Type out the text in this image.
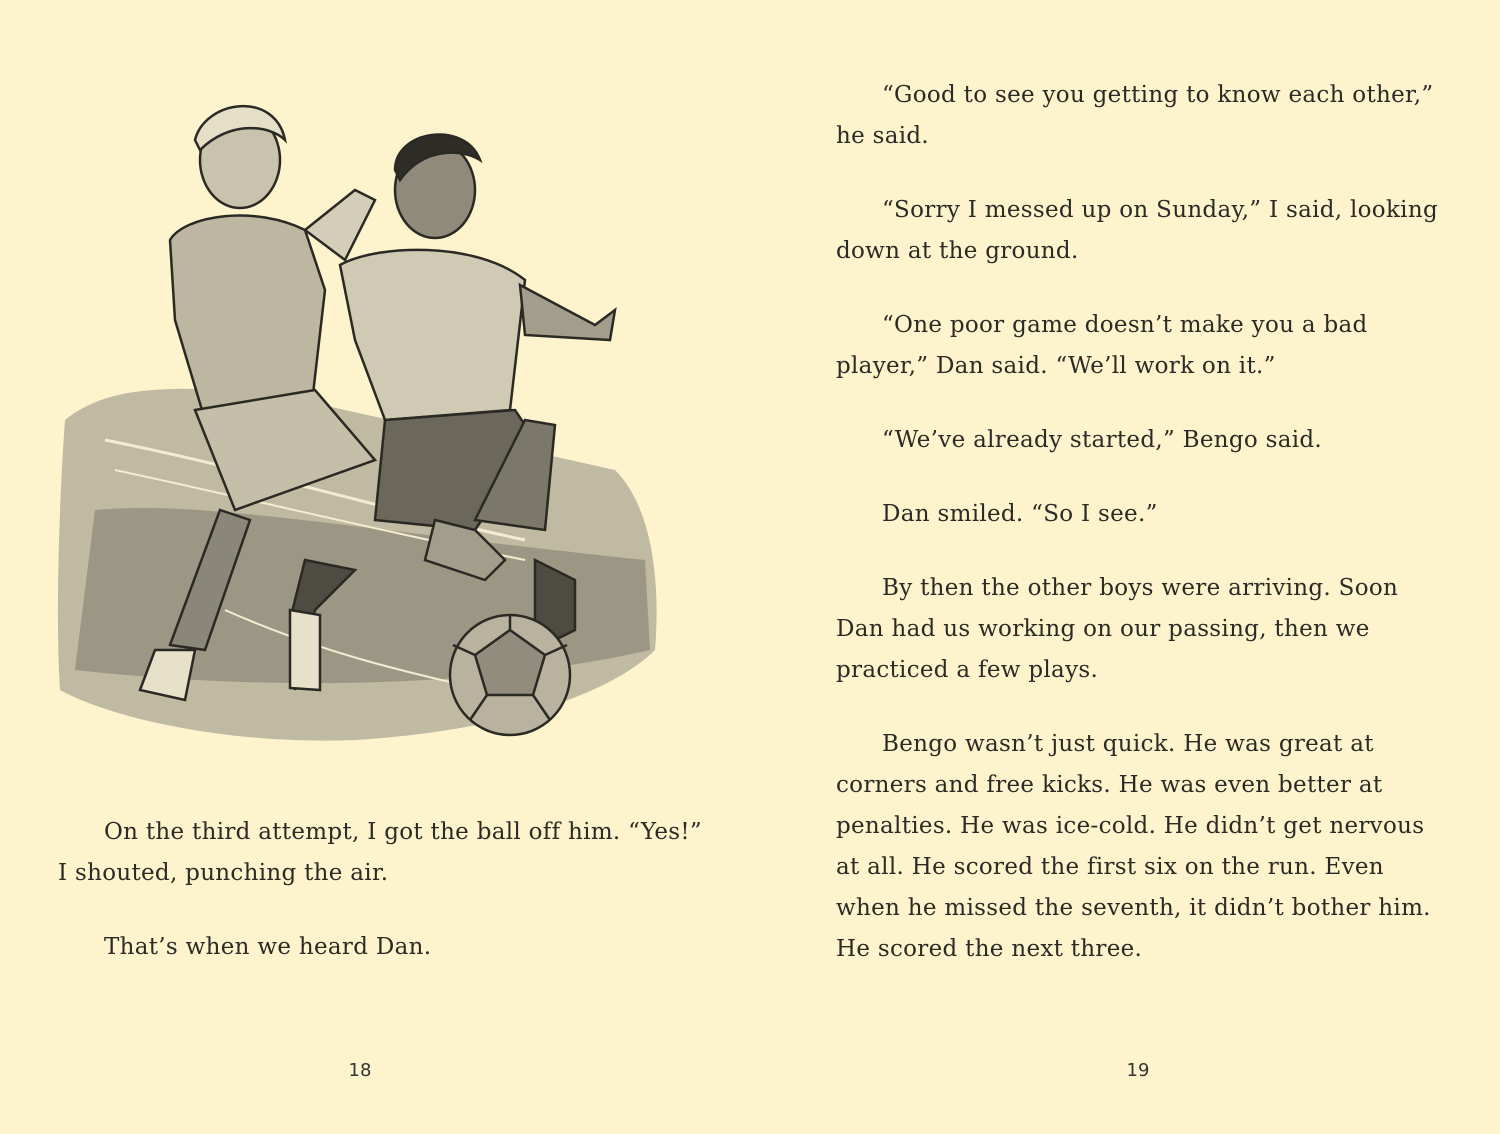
On the third attempt, I got the ball off him. “Yes!” I shouted, punching the air.

That’s when we heard Dan.

18

“Good to see you getting to know each other,” he said.

“Sorry I messed up on Sunday,” I said, looking down at the ground.

“One poor game doesn’t make you a bad player,” Dan said. “We’ll work on it.”

“We’ve already started,” Bengo said.

Dan smiled. “So I see.”

By then the other boys were arriving. Soon Dan had us working on our passing, then we practiced a few plays.

Bengo wasn’t just quick. He was great at corners and free kicks. He was even better at penalties. He was ice-cold. He didn’t get nervous at all. He scored the first six on the run. Even when he missed the seventh, it didn’t bother him. He scored the next three.

19
